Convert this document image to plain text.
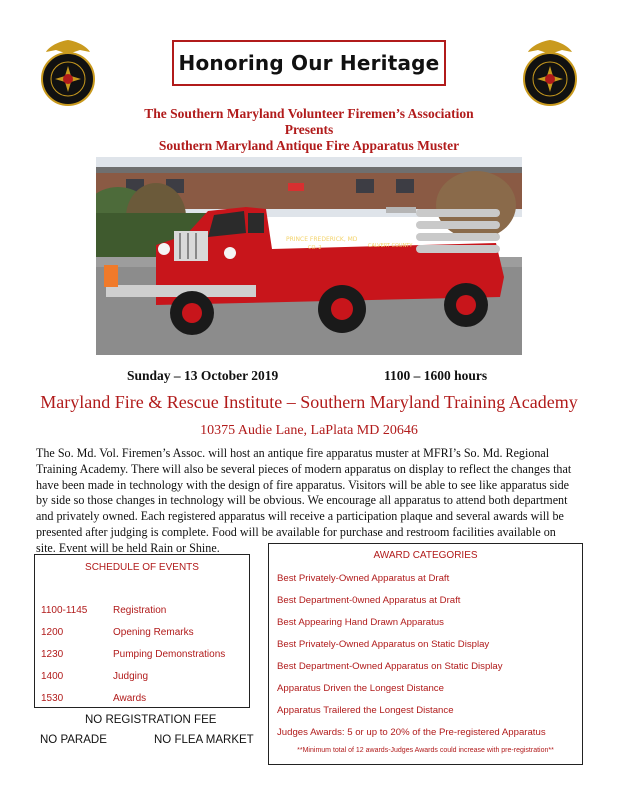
Honoring Our Heritage
The Southern Maryland Volunteer Firemen’s Association
Presents
Southern Maryland Antique Fire Apparatus Muster
PRINCE FREDERICK, MD
CALVERT COUNTY
CO. 2
Sunday – 13 October 2019	1100 – 1600 hours
Maryland Fire & Rescue Institute – Southern Maryland Training Academy
10375 Audie Lane, LaPlata MD 20646
The So. Md. Vol. Firemen’s Assoc. will host an antique fire apparatus muster at MFRI’s So. Md. Regional
Training Academy. There will also be several pieces of modern apparatus on display to reflect the changes that
have been made in technology with the design of fire apparatus. Visitors will be able to see like apparatus side
by side so those changes in technology will be obvious. We encourage all apparatus to attend both department
and privately owned. Each registered apparatus will receive a participation plaque and several awards will be
presented after judging is complete. Food will be available for purchase and restroom facilities available on
site. Event will be held Rain or Shine.
SCHEDULE OF EVENTS
1100-1145	Registration
1200	Opening Remarks
1230	Pumping Demonstrations
1400	Judging
1530	Awards
NO REGISTRATION FEE
NO PARADE	NO FLEA MARKET
AWARD CATEGORIES
Best Privately-Owned Apparatus at Draft
Best Department-0wned Apparatus at Draft
Best Appearing Hand Drawn Apparatus
Best Privately-Owned Apparatus on Static Display
Best Department-Owned Apparatus on Static Display
Apparatus Driven the Longest Distance
Apparatus Trailered the Longest Distance
Judges Awards: 5 or up to 20% of the Pre-registered Apparatus
**Minimum total of 12 awards-Judges Awards could increase with pre-registration**
